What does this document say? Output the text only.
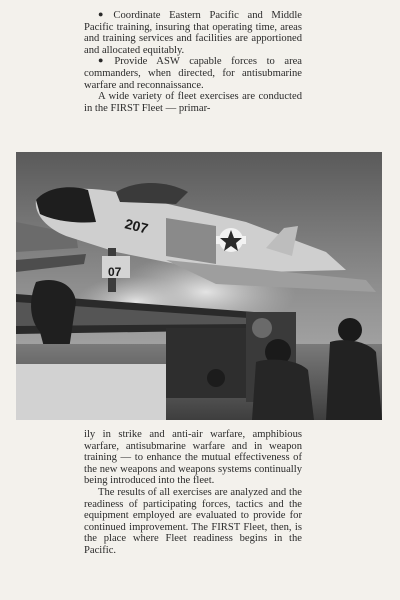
● Coordinate Eastern Pacific and Middle Pacific training, insuring that operating time, areas and training services and facilities are apportioned and allocated equitably.

● Provide ASW capable forces to area commanders, when directed, for antisubmarine warfare and reconnaissance.

A wide variety of fleet exercises are conducted in the FIRST Fleet — primar-

207
07

ily in strike and anti-air warfare, amphibious warfare, antisubmarine warfare and in weapon training — to enhance the mutual effectiveness of the new weapons and weapons systems continually being introduced into the fleet.

The results of all exercises are analyzed and the readiness of participating forces, tactics and the equipment employed are evaluated to provide for continued improvement. The FIRST Fleet, then, is the place where Fleet readiness begins in the Pacific.
